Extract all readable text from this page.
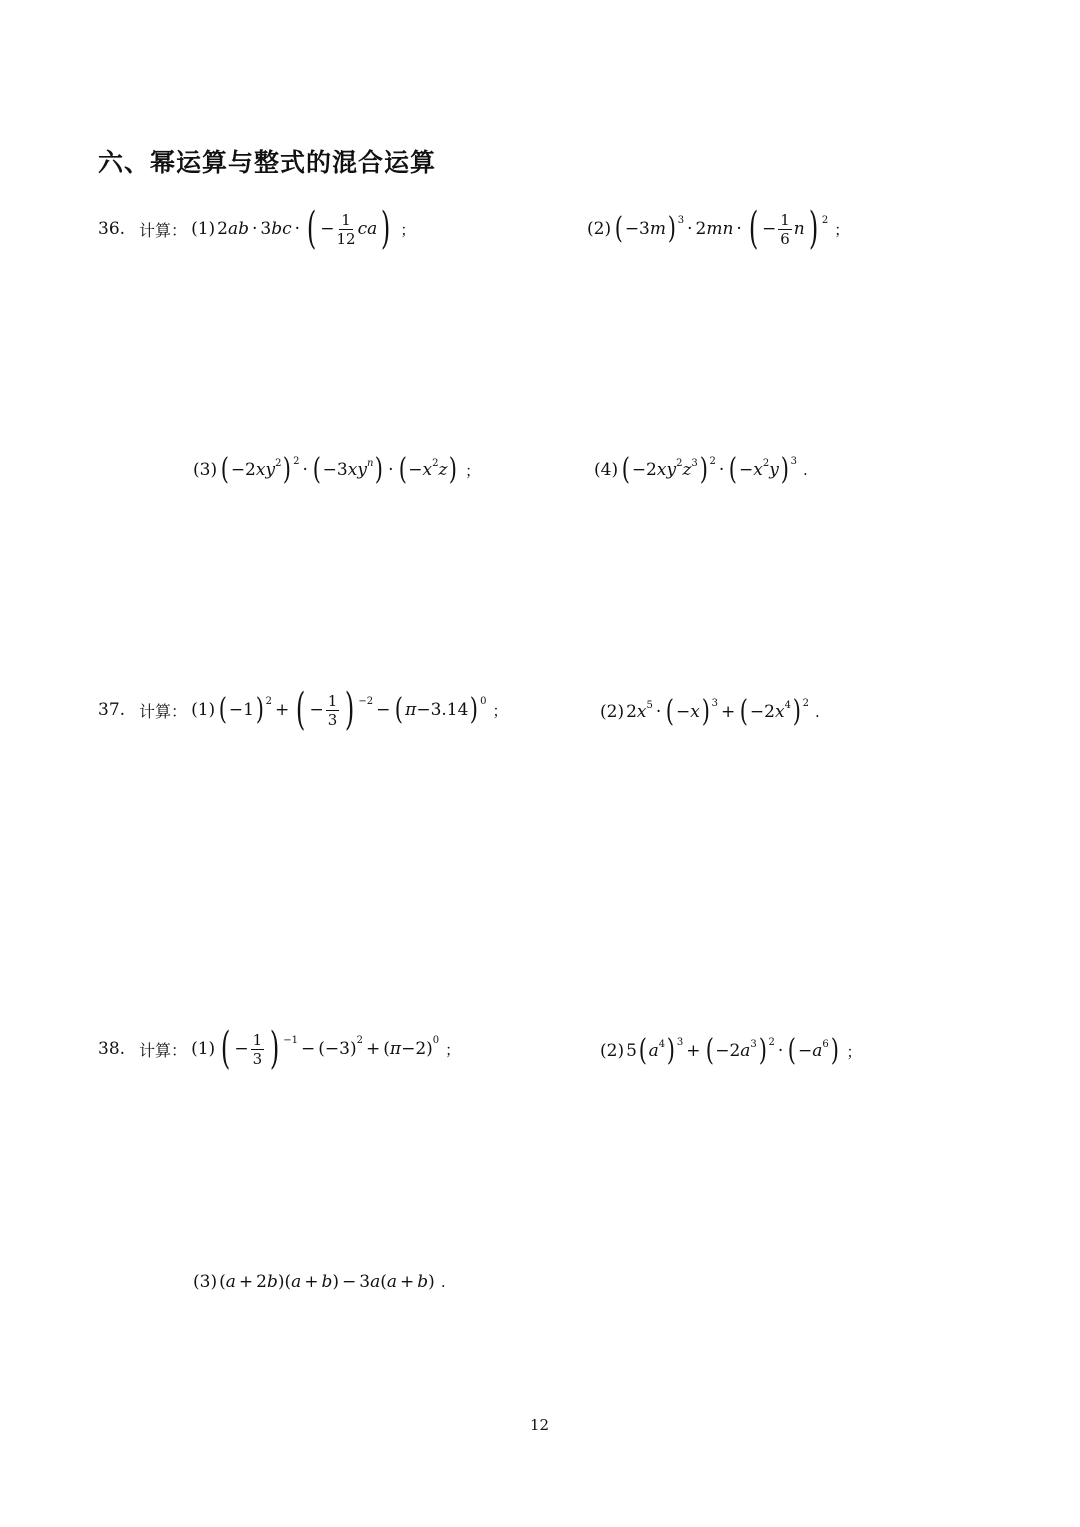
六、幂运算与整式的混合运算
36. 计算： (1) 2ab · 3bc · ( − $\frac{1}{12}$ ca ) ；	(2) ( −3m ) 3 · 2mn · ( − $\frac{1}{6}$ n ) 2
；
(3) ( $-2xy^2$ ) 2 · ( $-3xy^n$ ) · ( $-x^2z$ ) ；	(4) ( $-2xy^2z^3$ ) 2 · ( $-x^2y$ ) 3 .
37. 计算： (1) ( −1 ) 2 + ( − $\frac{1}{3}$ ) −2 − ( π−3.14 ) 0
；	(2) $2x^5$ · ( −x ) 3 + ( $-2x^4$ ) 2 .
38. 计算： (1) ( − $\frac{1}{3}$ ) −1 − (−3) 2 + (π−2) 0
；	(2) 5 ( $a^4$ ) 3 + ( $-2a^3$ ) 2 · ( $-a^6$ ) ；
(3) (a + 2b)(a + b) − 3a(a + b) .
12
